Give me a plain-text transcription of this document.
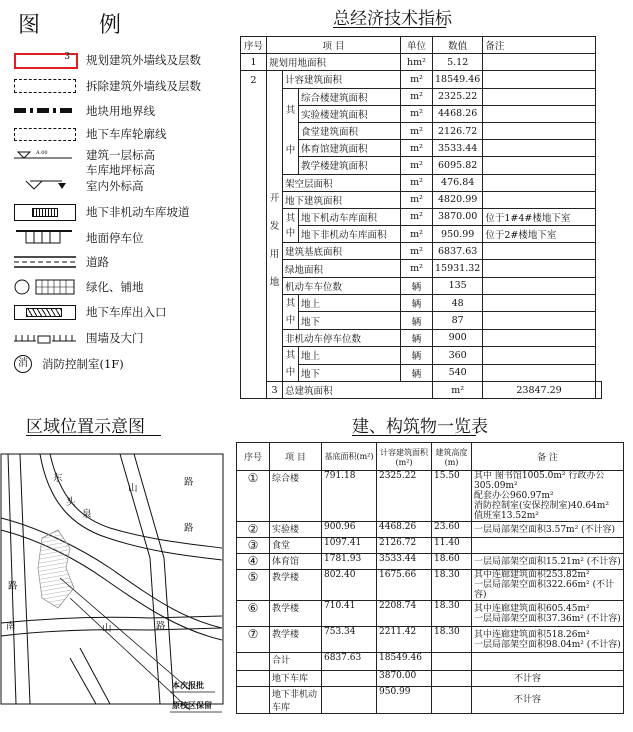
图 例
3 规划建筑外墙线及层数
拆除建筑外墙线及层数
地块用地界线
地下车库轮廓线
A.00	建筑一层标高
车库地坪标高
室内外标高
地下非机动车库坡道
地面停车位
道路
绿化、铺地
地下车库出入口
围墙及大门
消	消防控制室(1F)
总经济技术指标
序号	项 目			单位	数值	备注	
1	规划用地面积			hm²	5.12		
2	开
发
用
地	计容建筑面积		m²	18549.46		

		其
中	综合楼建筑面积	m²	2325.22		
			实验楼建筑面积	m²	4468.26		
			食堂建筑面积	m²	2126.72		
			体育馆建筑面积	m²	3533.44		
			教学楼建筑面积	m²	6095.82		
		架空层面积		m²	476.84		
		地下建筑面积		m²	4820.99		

		其
中	地下机动车库面积	m²	3870.00	位于1#4#楼地下室	
			地下非机动车库面积	m²	950.99	位于2#楼地下室	
		建筑基底面积		m²	6837.63		
		绿地面积		m²	15931.32		
		机动车车位数		辆	135		

		其
中	地上	辆	48		
			地下	辆	87		
		非机动车停车位数		辆	900		

		其
中	地上	辆	360		
			地下	辆	540		
	3	总建筑面积			m²	23847.29	
区域位置示意图
东
山
路
头
泉
路
南	山	路
路
本次报批
原校区保留
建、构筑物一览表
序号	项 目	基底面积(m²)	计容建筑面积(m²)	建筑高度(m)	备 注
①	综合楼	791.18	2325.22	15.50	其中 图书馆1005.0m² 行政办公305.09m²
配套办公960.97m²
消防控制室(安保控制室)40.64m²
值班室13.52m²

②	实验楼	900.96	4468.26	23.60	一层局部架空面积3.57m² (不计容)

③	食堂	1097.41	2126.72	11.40	
④	体育馆	1781.93	3533.44	18.60	一层局部架空面积15.21m² (不计容)

⑤	教学楼	802.40	1675.66	18.30	其中连廊建筑面积253.82m²
一层局部架空面积322.66m² (不计容)

⑥	教学楼	710.41	2208.74	18.30	其中连廊建筑面积605.45m²
一层局部架空面积37.36m² (不计容)

⑦	教学楼	753.34	2211.42	18.30	其中连廊建筑面积518.26m²
一层局部架空面积98.04m² (不计容)

	合计	6837.63	18549.46		
	地下车库		3870.00		不计容

	地下非机动车库		950.99		不计容
